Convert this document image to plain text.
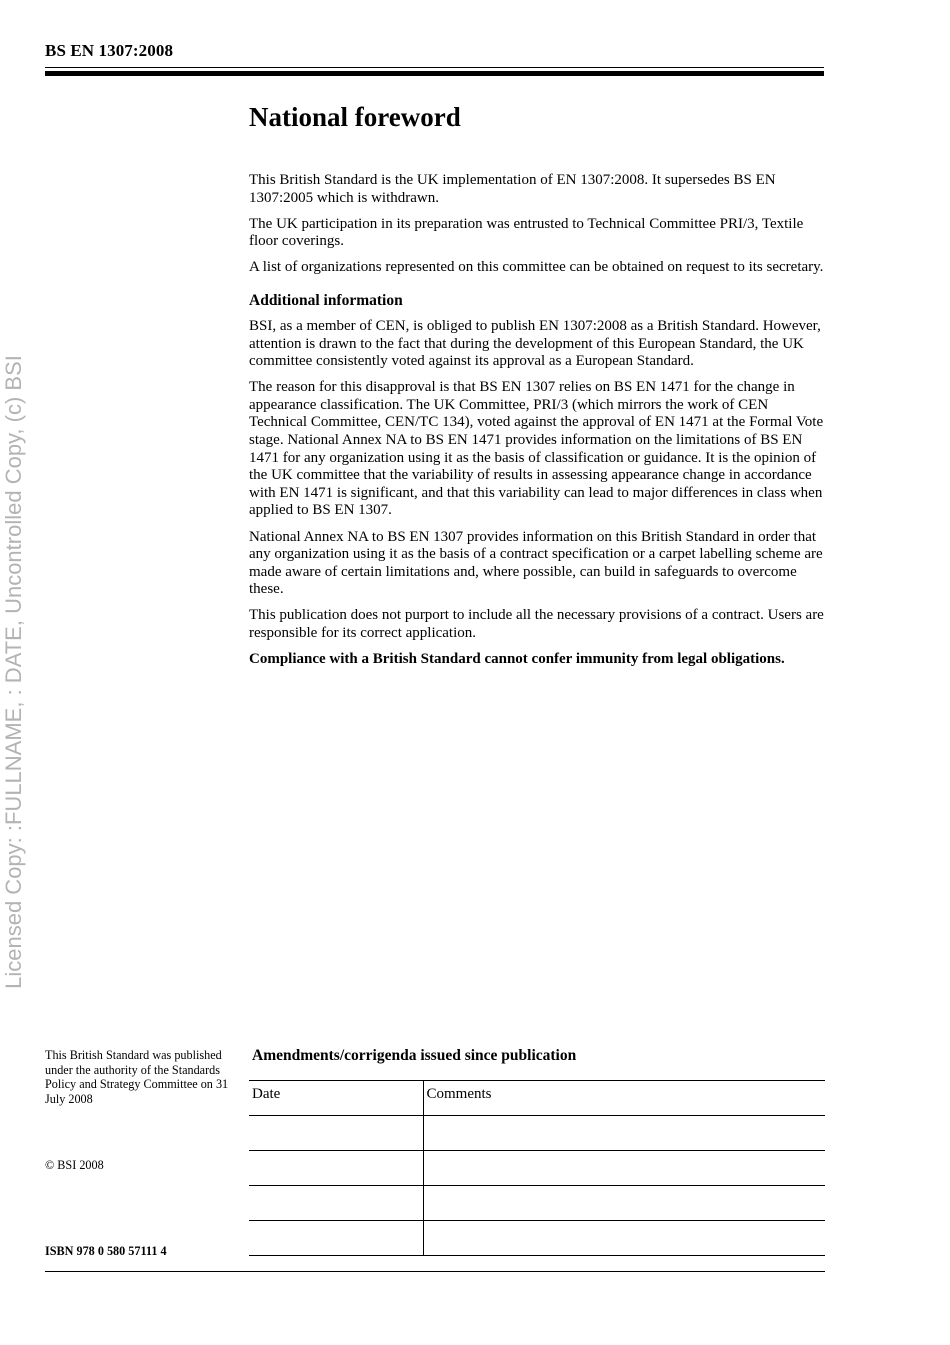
BS EN 1307:2008
Licensed Copy: :FULLNAME, : DATE, Uncontrolled Copy, (c) BSI
National foreword

This British Standard is the UK implementation of EN 1307:2008. It supersedes BS EN 1307:2005 which is withdrawn.

The UK participation in its preparation was entrusted to Technical Committee PRI/3, Textile floor coverings.

A list of organizations represented on this committee can be obtained on request to its secretary.

Additional information

BSI, as a member of CEN, is obliged to publish EN 1307:2008 as a British Standard. However, attention is drawn to the fact that during the development of this European Standard, the UK committee consistently voted against its approval as a European Standard.

The reason for this disapproval is that BS EN 1307 relies on BS EN 1471 for the change in appearance classification. The UK Committee, PRI/3 (which mirrors the work of CEN Technical Committee, CEN/TC 134), voted against the approval of EN 1471 at the Formal Vote stage. National Annex NA to BS EN 1471 provides information on the limitations of BS EN 1471 for any organization using it as the basis of classification or guidance. It is the opinion of the UK committee that the variability of results in assessing appearance change in accordance with EN 1471 is significant, and that this variability can lead to major differences in class when applied to BS EN 1307.

National Annex NA to BS EN 1307 provides information on this British Standard in order that any organization using it as the basis of a contract specification or a carpet labelling scheme are made aware of certain limitations and, where possible, can build in safeguards to overcome these.

This publication does not purport to include all the necessary provisions of a contract. Users are responsible for its correct application.

Compliance with a British Standard cannot confer immunity from legal obligations.

This British Standard was published under the authority of the Standards Policy and Strategy Committee on 31 July 2008
© BSI 2008
ISBN 978 0 580 57111 4
Amendments/corrigenda issued since publication
Date	Comments
